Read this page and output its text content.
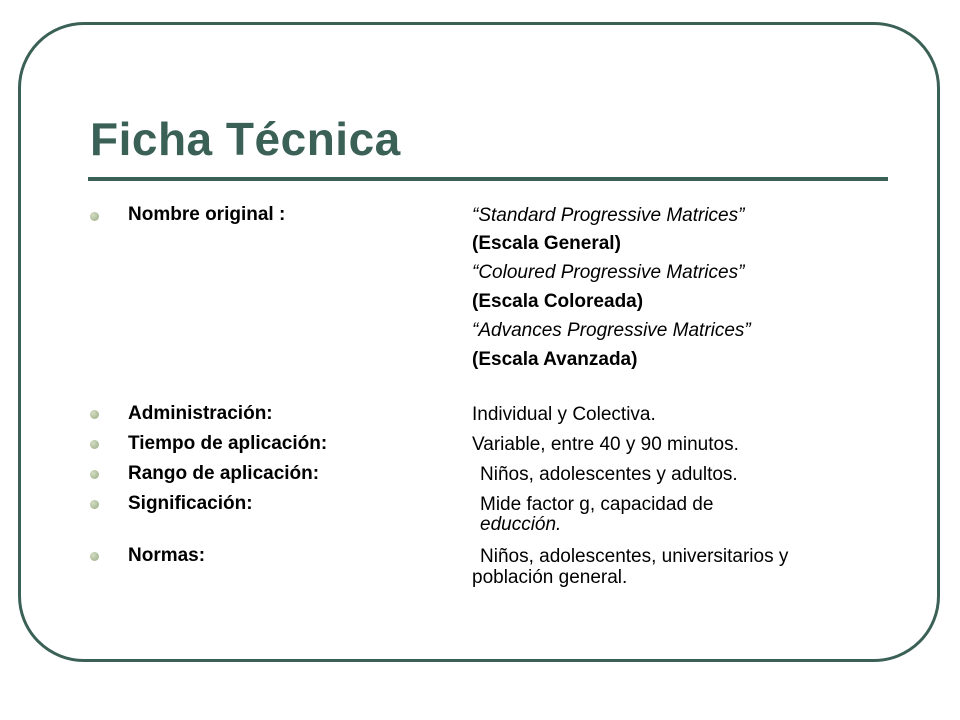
Ficha Técnica
Nombre original :	“Standard Progressive Matrices”
(Escala General)
“Coloured Progressive Matrices”
(Escala Coloreada)
“Advances Progressive Matrices”
(Escala Avanzada)
Administración:	Individual y Colectiva.
Tiempo de aplicación:	Variable, entre 40 y 90 minutos.
Rango de aplicación:	Niños, adolescentes y adultos.
Significación:	Mide factor g, capacidad de
educción.
Normas:	Niños, adolescentes, universitarios y
población general.
